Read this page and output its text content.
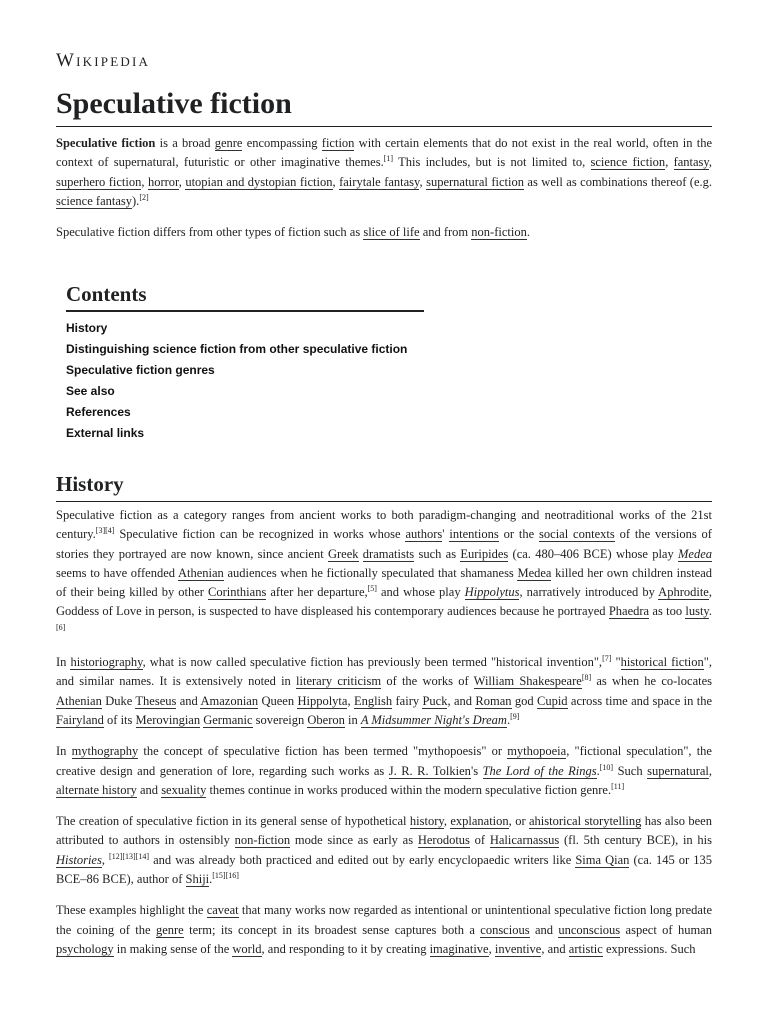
Wikipedia
Speculative fiction

Speculative fiction is a broad genre encompassing fiction with certain elements that do not exist in the real world, often in the context of supernatural, futuristic or other imaginative themes.[1] This includes, but is not limited to, science fiction, fantasy, superhero fiction, horror, utopian and dystopian fiction, fairytale fantasy, supernatural fiction as well as combinations thereof (e.g. science fantasy).[2]

Speculative fiction differs from other types of fiction such as slice of life and from non-fiction.

Contents
History
Distinguishing science fiction from other speculative fiction
Speculative fiction genres
See also
References
External links
History

Speculative fiction as a category ranges from ancient works to both paradigm-changing and neotraditional works of the 21st century.[3][4] Speculative fiction can be recognized in works whose authors' intentions or the social contexts of the versions of stories they portrayed are now known, since ancient Greek dramatists such as Euripides (ca. 480–406 BCE) whose play Medea seems to have offended Athenian audiences when he fictionally speculated that shamaness Medea killed her own children instead of their being killed by other Corinthians after her departure,[5] and whose play Hippolytus, narratively introduced by Aphrodite, Goddess of Love in person, is suspected to have displeased his contemporary audiences because he portrayed Phaedra as too lusty.[6]

In historiography, what is now called speculative fiction has previously been termed "historical invention",[7] "historical fiction", and similar names. It is extensively noted in literary criticism of the works of William Shakespeare[8] as when he co-locates Athenian Duke Theseus and Amazonian Queen Hippolyta, English fairy Puck, and Roman god Cupid across time and space in the Fairyland of its Merovingian Germanic sovereign Oberon in A Midsummer Night's Dream.[9]

In mythography the concept of speculative fiction has been termed "mythopoesis" or mythopoeia, "fictional speculation", the creative design and generation of lore, regarding such works as J. R. R. Tolkien's The Lord of the Rings.[10] Such supernatural, alternate history and sexuality themes continue in works produced within the modern speculative fiction genre.[11]

The creation of speculative fiction in its general sense of hypothetical history, explanation, or ahistorical storytelling has also been attributed to authors in ostensibly non-fiction mode since as early as Herodotus of Halicarnassus (fl. 5th century BCE), in his Histories, [12][13][14] and was already both practiced and edited out by early encyclopaedic writers like Sima Qian (ca. 145 or 135 BCE–86 BCE), author of Shiji.[15][16]

These examples highlight the caveat that many works now regarded as intentional or unintentional speculative fiction long predate the coining of the genre term; its concept in its broadest sense captures both a conscious and unconscious aspect of human psychology in making sense of the world, and responding to it by creating imaginative, inventive, and artistic expressions. Such
